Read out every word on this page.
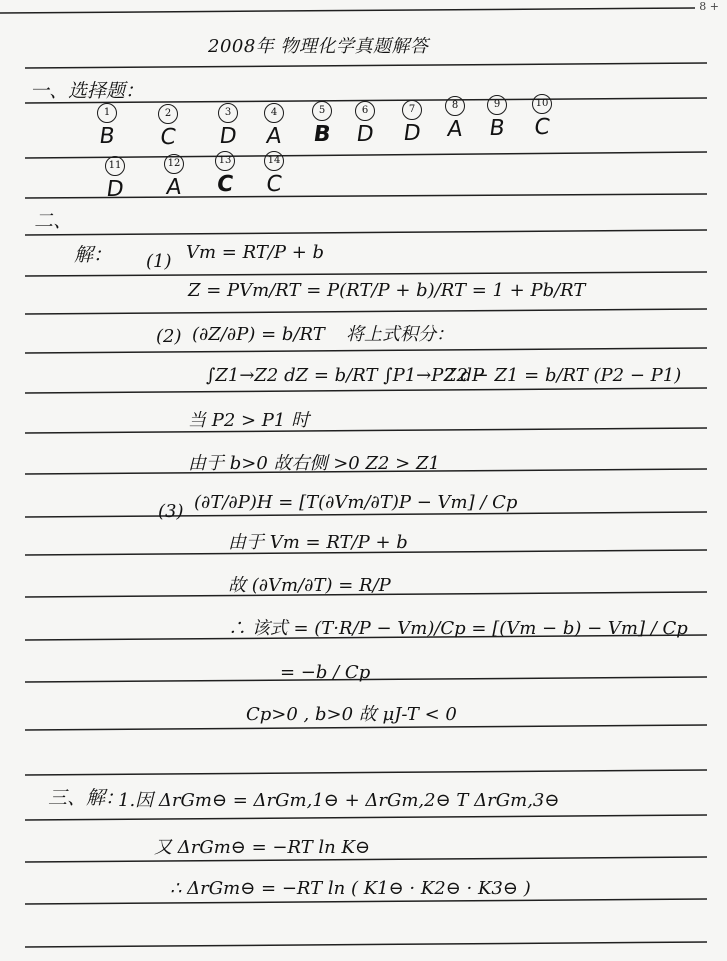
8 +
2008年 物理化学真题解答
一、选择题：
1
B
2
C
3
D
4
A
5
B
6
D
7
D
8
A
9
B
10
C
11
D
12
A
13
C
14
C
二、
解： (1) Vm = RT/P + b
Z = PVm/RT = P(RT/P + b)/RT = 1 + Pb/RT
(2) (∂Z/∂P) = b/RT 将上式积分：
∫Z1→Z2 dZ = b/RT ∫P1→P2 dP
Z2 − Z1 = b/RT (P2 − P1)
当 P2 > P1 时
由于 b>0 故右侧 >0 Z2 > Z1
(3) (∂T/∂P)H = [T(∂Vm/∂T)P − Vm] / Cp
由于 Vm = RT/P + b
故 (∂Vm/∂T) = R/P
∴ 该式 = (T·R/P − Vm)/Cp = [(Vm − b) − Vm] / Cp
= −b / Cp
Cp>0 , b>0 故 μJ-T < 0
三、解：
1.因 ΔrGm⊖ = ΔrGm,1⊖ + ΔrGm,2⊖ T ΔrGm,3⊖
又 ΔrGm⊖ = −RT ln K⊖
∴ ΔrGm⊖ = −RT ln ( K1⊖ · K2⊖ · K3⊖ )
